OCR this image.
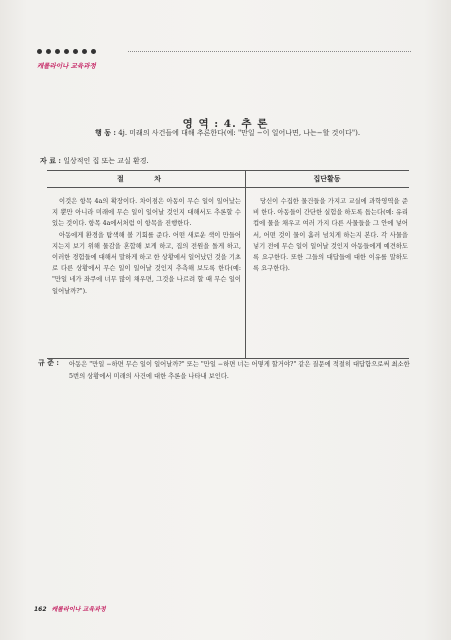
캐롤라이나 교육과정
영 역 : 4. 추 론
행 동 : 4j. 미래의 사건들에 대해 추론한다(예: "만일 −이 일어나면, 나는−할 것이다").
자 료 : 일상적인 집 또는 교실 환경.
절 차	집단활동

이것은 항목 4a의 확장이다. 차이점은 아동이 무슨 일이 일어났는지 뿐만 아니라 미래에 무슨 일이 일어날 것인지 대해서도 추론할 수 있는 것이다. 항목 4a에서처럼 이 항목을 진행한다.

아동에게 환경을 탐색해 볼 기회를 준다. 어떤 새로운 색이 만들어지는지 보기 위해 물감을 혼합해 보게 하고, 집의 전원을 돌게 하고, 이러한 경험들에 대해서 말하게 하고 한 상황에서 일어났던 것을 기초로 다른 상황에서 무슨 일이 일어날 것인지 추측해 보도록 한다(예: "만일 네가 좌쿠에 너무 많이 채우면, 그것을 나르려 할 때 무슨 일이 일어날까?").

당신이 수집한 물건들을 가지고 교실에 과학영역을 준비 한다. 아동들이 간단한 실험을 하도록 돕는다(예: 유리컵에 물을 채우고 여러 가지 다른 사물들을 그 안에 넣어서, 어떤 것이 물이 흘러 넘치게 하는지 본다. 각 사물을 넣기 전에 무슨 일이 일어날 것인지 아동들에게 예견하도록 요구한다. 또한 그들의 대답들에 대한 이유를 말하도록 요구한다).

규 준 : 아동은 "만일 −하면 무슨 일이 일어날까?" 또는 "만일 −하면 너는 어떻게 할거야?" 같은 질문에 적절히 대답함으로써 최소한 5번의 상황에서 미래의 사건에 대한 추론을 나타내 보인다.
162 캐롤라이나 교육과정
